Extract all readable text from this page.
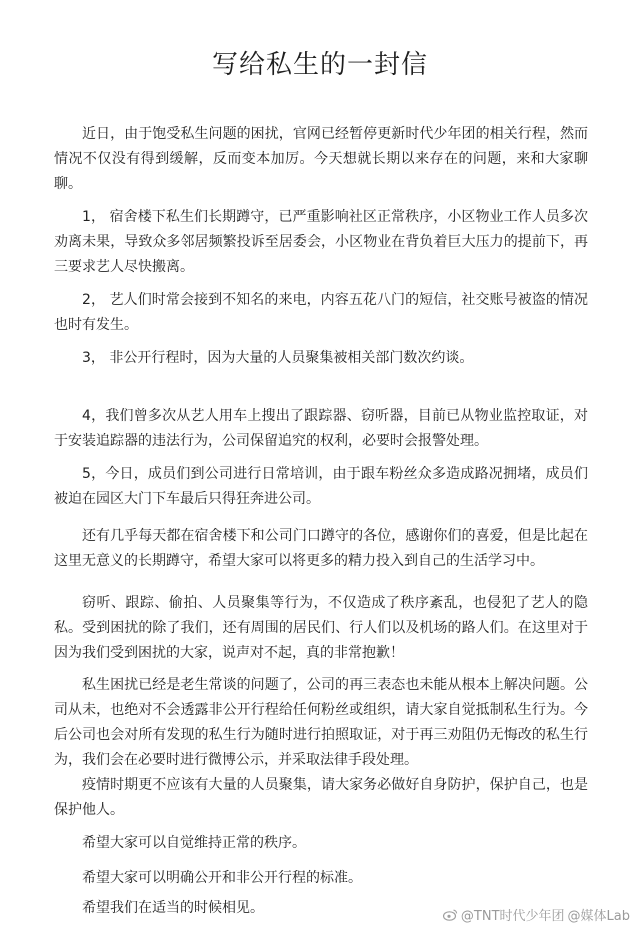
写给私生的一封信

近日，由于饱受私生问题的困扰，官网已经暂停更新时代少年团的相关行程，然而情况不仅没有得到缓解，反而变本加厉。今天想就长期以来存在的问题，来和大家聊聊。

1， 宿舍楼下私生们长期蹲守，已严重影响社区正常秩序，小区物业工作人员多次劝离未果，导致众多邻居频繁投诉至居委会，小区物业在背负着巨大压力的提前下，再三要求艺人尽快搬离。

2， 艺人们时常会接到不知名的来电，内容五花八门的短信，社交账号被盗的情况也时有发生。

3， 非公开行程时，因为大量的人员聚集被相关部门数次约谈。

4，我们曾多次从艺人用车上搜出了跟踪器、窃听器，目前已从物业监控取证，对于安装追踪器的违法行为，公司保留追究的权利，必要时会报警处理。

5，今日，成员们到公司进行日常培训，由于跟车粉丝众多造成路况拥堵，成员们被迫在园区大门下车最后只得狂奔进公司。

还有几乎每天都在宿舍楼下和公司门口蹲守的各位，感谢你们的喜爱，但是比起在这里无意义的长期蹲守，希望大家可以将更多的精力投入到自己的生活学习中。

窃听、跟踪、偷拍、人员聚集等行为，不仅造成了秩序紊乱，也侵犯了艺人的隐私。受到困扰的除了我们，还有周围的居民们、行人们以及机场的路人们。在这里对于因为我们受到困扰的大家，说声对不起，真的非常抱歉！

私生困扰已经是老生常谈的问题了，公司的再三表态也未能从根本上解决问题。公司从未，也绝对不会透露非公开行程给任何粉丝或组织，请大家自觉抵制私生行为。今后公司也会对所有发现的私生行为随时进行拍照取证，对于再三劝阻仍无悔改的私生行为，我们会在必要时进行微博公示，并采取法律手段处理。

疫情时期更不应该有大量的人员聚集，请大家务必做好自身防护，保护自己，也是保护他人。

希望大家可以自觉维持正常的秩序。

希望大家可以明确公开和非公开行程的标准。

希望我们在适当的时候相见。

@TNT时代少年团 @媒体Lab
